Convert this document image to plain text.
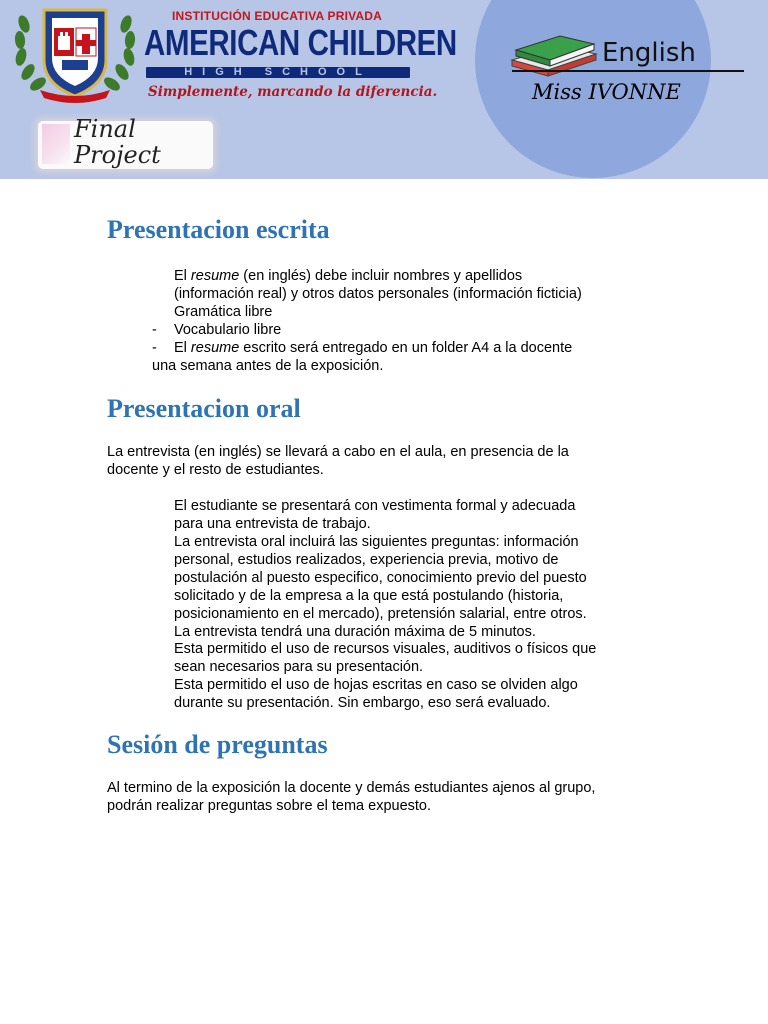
INSTITUCIÓN EDUCATIVA PRIVADA
AMERICAN CHILDREN
HIGH SCHOOL
Simplemente, marcando la diferencia.
Final
Project
English
Miss IVONNE
Presentacion escrita

El resume (en inglés) debe incluir nombres y apellidos

(información real) y otros datos personales (información ficticia)

Gramática libre

- Vocabulario libre

- El resume escrito será entregado en un folder A4 a la docente

una semana antes de la exposición.

Presentacion oral

La entrevista (en inglés) se llevará a cabo en el aula, en presencia de la

docente y el resto de estudiantes.

El estudiante se presentará con vestimenta formal y adecuada

para una entrevista de trabajo.

La entrevista oral incluirá las siguientes preguntas: información

personal, estudios realizados, experiencia previa, motivo de

postulación al puesto especifico, conocimiento previo del puesto

solicitado y de la empresa a la que está postulando (historia,

posicionamiento en el mercado), pretensión salarial, entre otros.

La entrevista tendrá una duración máxima de 5 minutos.

Esta permitido el uso de recursos visuales, auditivos o físicos que

sean necesarios para su presentación.

Esta permitido el uso de hojas escritas en caso se olviden algo

durante su presentación. Sin embargo, eso será evaluado.

Sesión de preguntas

Al termino de la exposición la docente y demás estudiantes ajenos al grupo,

podrán realizar preguntas sobre el tema expuesto.
